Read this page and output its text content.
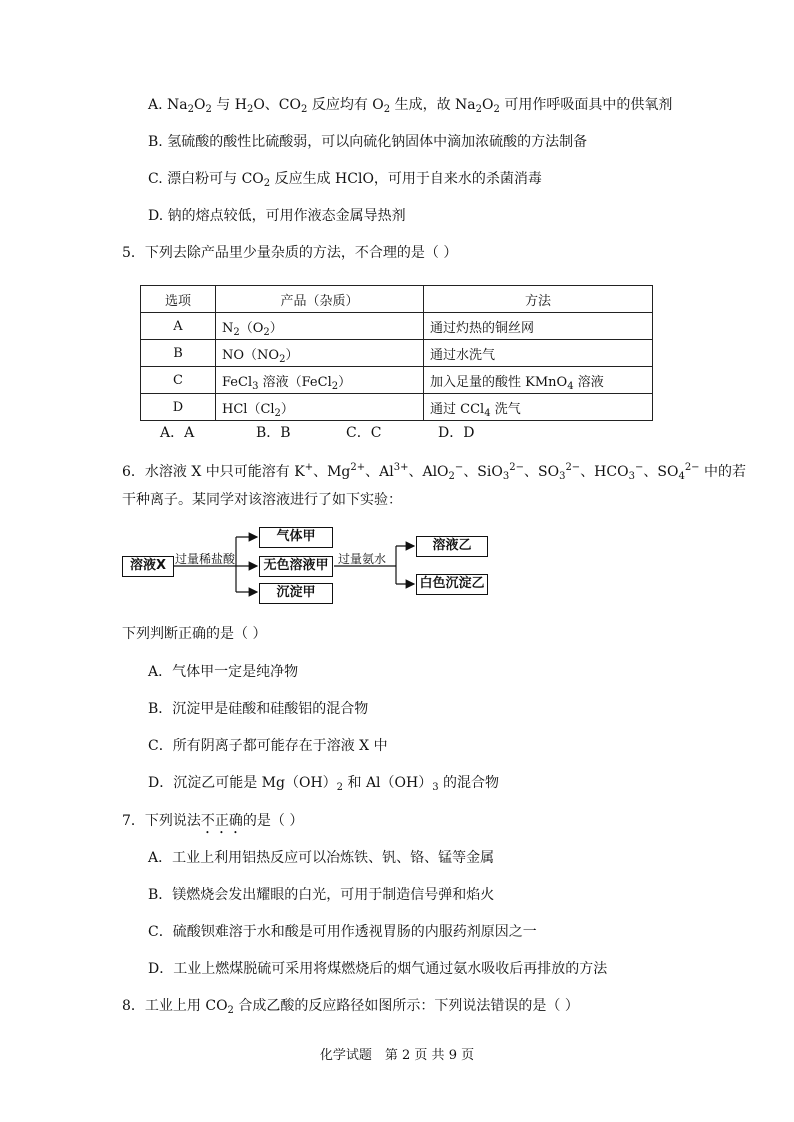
A. $Na_2O_2$ 与 $H_2O$、$CO_2$ 反应均有 $O_2$ 生成，故 $Na_2O_2$ 可用作呼吸面具中的供氧剂
B. 氢硫酸的酸性比硫酸弱，可以向硫化钠固体中滴加浓硫酸的方法制备
C. 漂白粉可与 $CO_2$ 反应生成 HClO，可用于自来水的杀菌消毒
D. 钠的熔点较低，可用作液态金属导热剂
5．下列去除产品里少量杂质的方法，不合理的是（ ）
选项	产品（杂质）	方法
A	$N_2(O_2)$	通过灼热的铜丝网
B	$NO(NO_2)$	通过水洗气
C	FeCl$_3$ 溶液（FeCl$_2$）	加入足量的酸性 KMnO$_4$ 溶液
D	$HCl(Cl_2)$	通过 CCl$_4$ 洗气
A．A	B．B	C．C	D．D
6．水溶液 X 中只可能溶有 K+、$Mg^{2+}$、$Al^{3+}$、AlO$_2$−、SiO$_3^{2-}$、$SO_3^{2-}$、$HCO_3^-$、$SO_4^{2-}$ 中的若
干种离子。某同学对该溶液进行了如下实验：
溶液X 过量稀盐酸
气体甲
无色溶液甲
沉淀甲
过量氨水
溶液乙
白色沉淀乙
下列判断正确的是（ ）
A．气体甲一定是纯净物
B．沉淀甲是硅酸和硅酸铝的混合物
C．所有阴离子都可能存在于溶液 X 中
D．沉淀乙可能是 $Mg(OH)_2$ 和 $Al(OH)_3$ 的混合物
7．下列说法不正确的是（ ）
A．工业上利用铝热反应可以冶炼铁、钒、铬、锰等金属
B．镁燃烧会发出耀眼的白光，可用于制造信号弹和焰火
C．硫酸钡难溶于水和酸是可用作透视胃肠的内服药剂原因之一
D．工业上燃煤脱硫可采用将煤燃烧后的烟气通过氨水吸收后再排放的方法
8．工业上用 $CO_2$ 合成乙酸的反应路径如图所示：下列说法错误的是（ ）
化学试题　第 2 页 共 9 页
